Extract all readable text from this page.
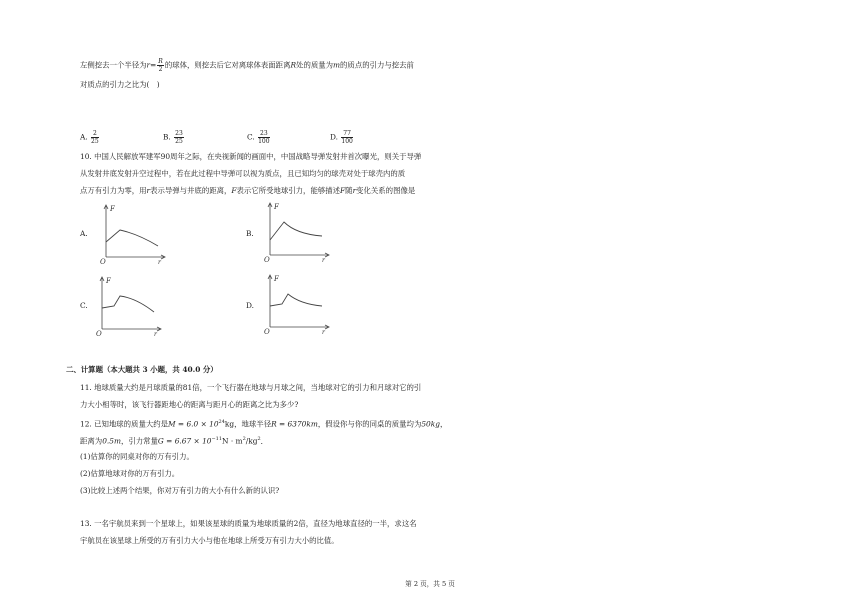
左侧挖去一个半径为$r= \frac{R}{2}$ 的球体，则挖去后它对离球体表面距离R处的质量为m的质点的引力与挖去前
对质点的引力之比为(　)
A. $\frac{2}{25}$	B. $\frac{23}{25}$	C. $\frac{23}{100}$	D. $\frac{77}{100}$
10. 中国人民解放军建军90周年之际，在央视新闻的画面中，中国战略导弹发射井首次曝光，则关于导弹
从发射井底发射升空过程中，若在此过程中导弹可以视为质点，且已知均匀的球壳对处于球壳内的质
点万有引力为零，用r表示导弹与井底的距离，F表示它所受地球引力，能够描述F随r变化关系的图像是
A.	B.
C.	D.
F
r
O
F
r
O
F
r
O
F
r
O
二、计算题（本大题共 3 小题，共 40.0 分）
11. 地球质量大约是月球质量的81倍，一个飞行器在地球与月球之间，当地球对它的引力和月球对它的引
力大小相等时，该飞行器距地心的距离与距月心的距离之比为多少?
12. 已知地球的质量大约是$M = 6.0 \times 10^{24}kg$，地球半径R = 6370km，假设你与你的同桌的质量均为50kg，
距离为0.5m，引力常量$G = 6.67 \times 10^{-11}N \cdot m^2/kg^2$．
(1)估算你的同桌对你的万有引力。
(2)估算地球对你的万有引力。
(3)比较上述两个结果，你对万有引力的大小有什么新的认识?
13. 一名宇航员来到一个星球上，如果该星球的质量为地球质量的2倍，直径为地球直径的一半，求这名
宇航员在该星球上所受的万有引力大小与他在地球上所受万有引力大小的比值。
第 2 页，共 5 页
